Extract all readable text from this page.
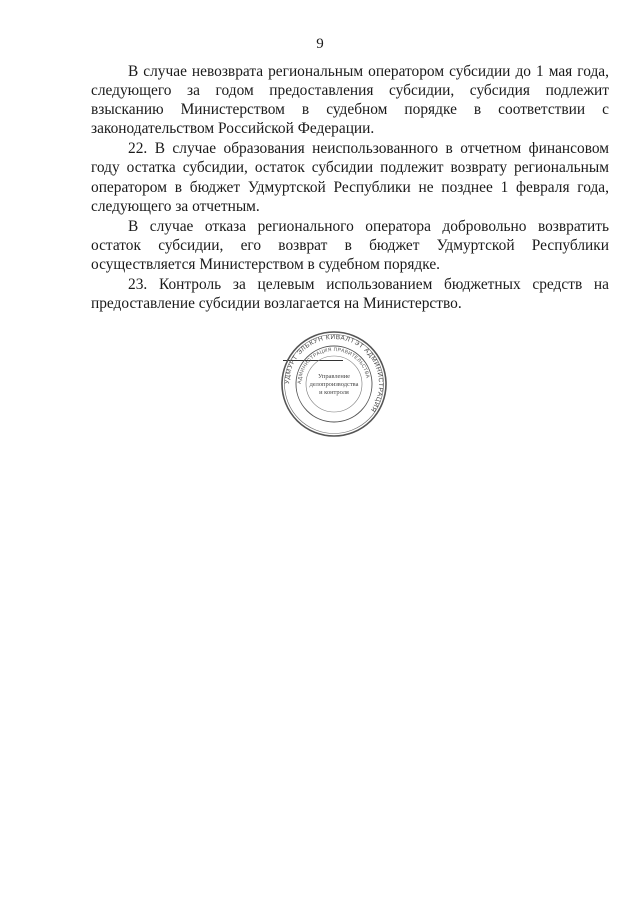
9

В случае невозврата региональным оператором субсидии до 1 мая года, следующего за годом предоставления субсидии, субсидия подлежит взысканию Министерством в судебном порядке в соответствии с законодательством Российской Федерации.

22. В случае образования неиспользованного в отчетном финансовом году остатка субсидии, остаток субсидии подлежит возврату региональным оператором в бюджет Удмуртской Республики не позднее 1 февраля года, следующего за отчетным.

В случае отказа регионального оператора добровольно возвратить остаток субсидии, его возврат в бюджет Удмуртской Республики осуществляется Министерством в судебном порядке.

23. Контроль за целевым использованием бюджетных средств на предоставление субсидии возлагается на Министерство.

УДМУРТ ЭЛЬКУН КИВАЛТЭТ АДМИНИСТРАЦИЯ
АДМИНИСТРАЦИЯ ПРАВИТЕЛЬСТВА
Управление
делопроизводства
и контроля
